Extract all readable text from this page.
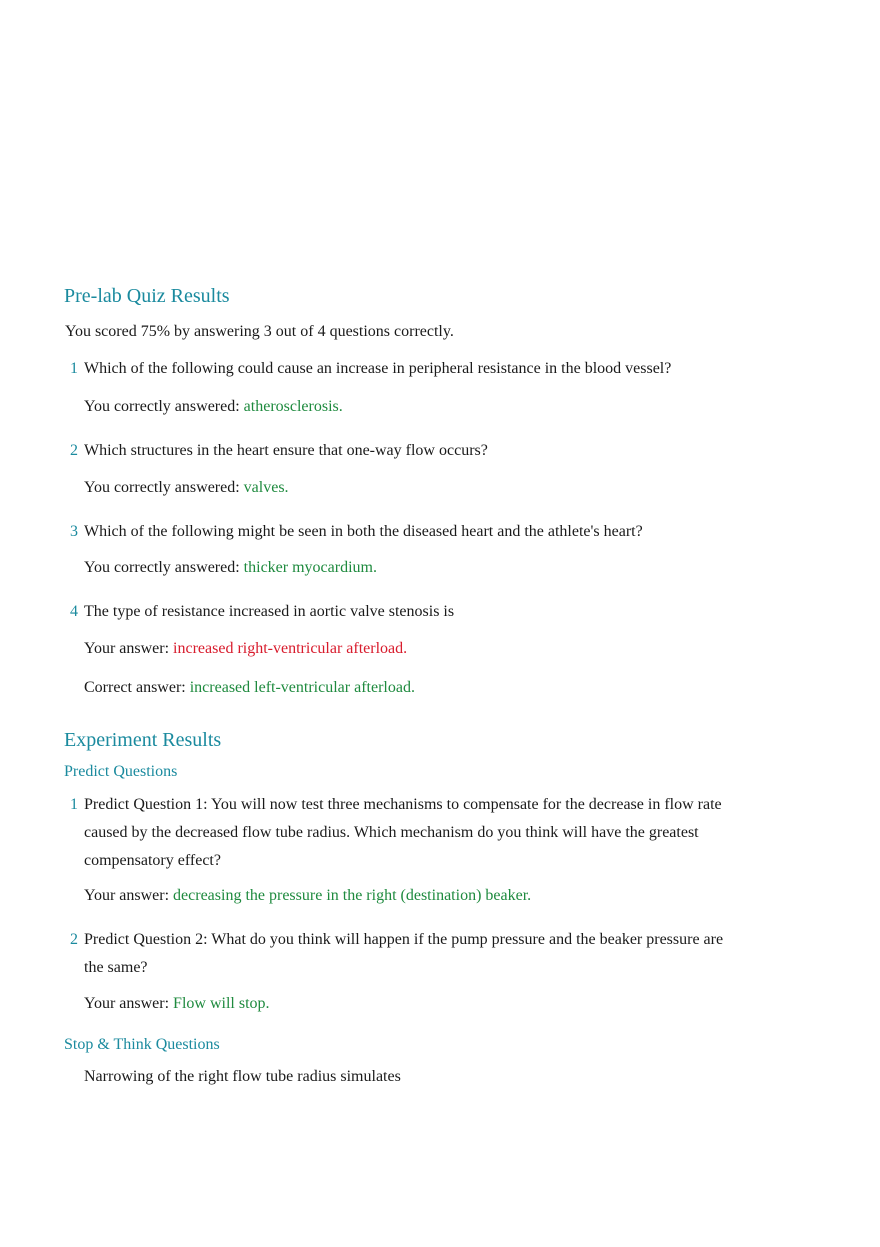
Pre-lab Quiz Results
You scored 75% by answering 3 out of 4 questions correctly.
1 Which of the following could cause an increase in peripheral resistance in the blood vessel?
You correctly answered: atherosclerosis.
2 Which structures in the heart ensure that one-way flow occurs?
You correctly answered: valves.
3 Which of the following might be seen in both the diseased heart and the athlete's heart?
You correctly answered: thicker myocardium.
4 The type of resistance increased in aortic valve stenosis is
Your answer: increased right-ventricular afterload.
Correct answer: increased left-ventricular afterload.
Experiment Results
Predict Questions
1 Predict Question 1: You will now test three mechanisms to compensate for the decrease in flow rate caused by the decreased flow tube radius. Which mechanism do you think will have the greatest compensatory effect?
Your answer: decreasing the pressure in the right (destination) beaker.
2 Predict Question 2: What do you think will happen if the pump pressure and the beaker pressure are the same?
Your answer: Flow will stop.
Stop & Think Questions
Narrowing of the right flow tube radius simulates
